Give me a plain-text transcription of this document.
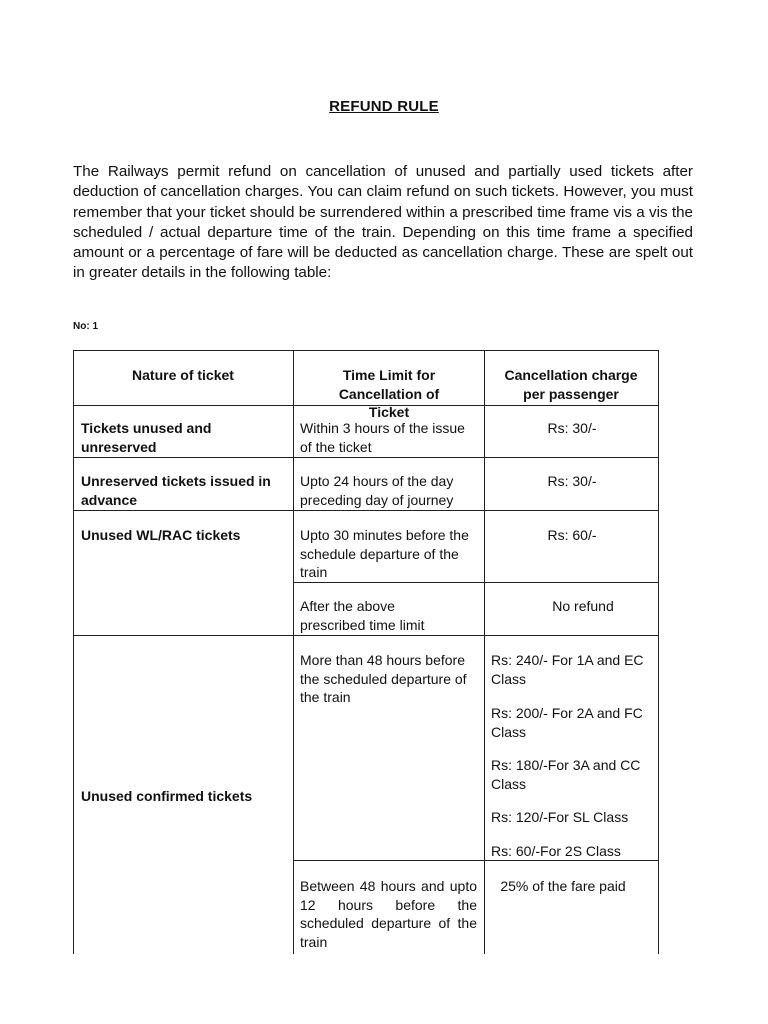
REFUND RULE

The Railways permit refund on cancellation of unused and partially used tickets after deduction of cancellation charges. You can claim refund on such tickets. However, you must remember that your ticket should be surrendered within a prescribed time frame vis a vis the scheduled / actual departure time of the train. Depending on this time frame a specified amount or a percentage of fare will be deducted as cancellation charge. These are spelt out in greater details in the following table:

No: 1
Nature of ticket	Time Limit for Cancellation of Ticket
Cancellation charge per passenger
Tickets unused and unreserved
Within 3 hours of the issue of the ticket
Rs: 30/-
Unreserved tickets issued in advance
Upto 24 hours of the day preceding day of journey
Rs: 30/-
Unused WL/RAC tickets	Upto 30 minutes before the schedule departure of the train
Rs: 60/-
After the above prescribed time limit
No refund
Unused confirmed tickets
More than 48 hours before the scheduled departure of the train
Rs: 240/- For 1A and EC Class
Rs: 200/- For 2A and FC Class
Rs: 180/-For 3A and CC Class
Rs: 120/-For SL Class
Rs: 60/-For 2S Class
Between 48 hours and upto 12 hours before the scheduled departure of the train
25% of the fare paid
